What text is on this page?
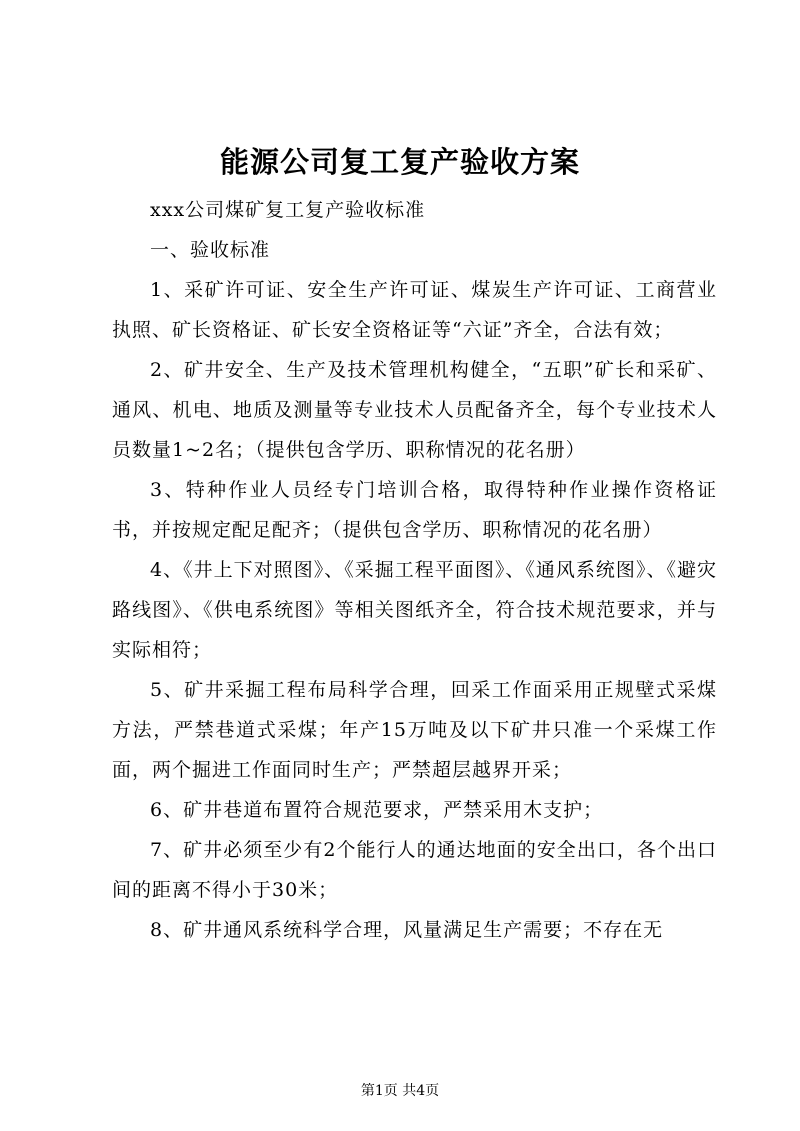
能源公司复工复产验收方案

xxx公司煤矿复工复产验收标准

一、验收标准

1、采矿许可证、安全生产许可证、煤炭生产许可证、工商营业执照、矿长资格证、矿长安全资格证等“六证”齐全，合法有效；

2、矿井安全、生产及技术管理机构健全，“五职”矿长和采矿、通风、机电、地质及测量等专业技术人员配备齐全，每个专业技术人员数量1~2名；（提供包含学历、职称情况的花名册）

3、特种作业人员经专门培训合格，取得特种作业操作资格证书，并按规定配足配齐；（提供包含学历、职称情况的花名册）

4、《井上下对照图》、《采掘工程平面图》、《通风系统图》、《避灾路线图》、《供电系统图》等相关图纸齐全，符合技术规范要求，并与实际相符；

5、矿井采掘工程布局科学合理，回采工作面采用正规壁式采煤方法，严禁巷道式采煤；年产15万吨及以下矿井只准一个采煤工作面，两个掘进工作面同时生产；严禁超层越界开采；

6、矿井巷道布置符合规范要求，严禁采用木支护；

7、矿井必须至少有2个能行人的通达地面的安全出口，各个出口间的距离不得小于30米；

8、矿井通风系统科学合理，风量满足生产需要；不存在无

第1页 共4页
